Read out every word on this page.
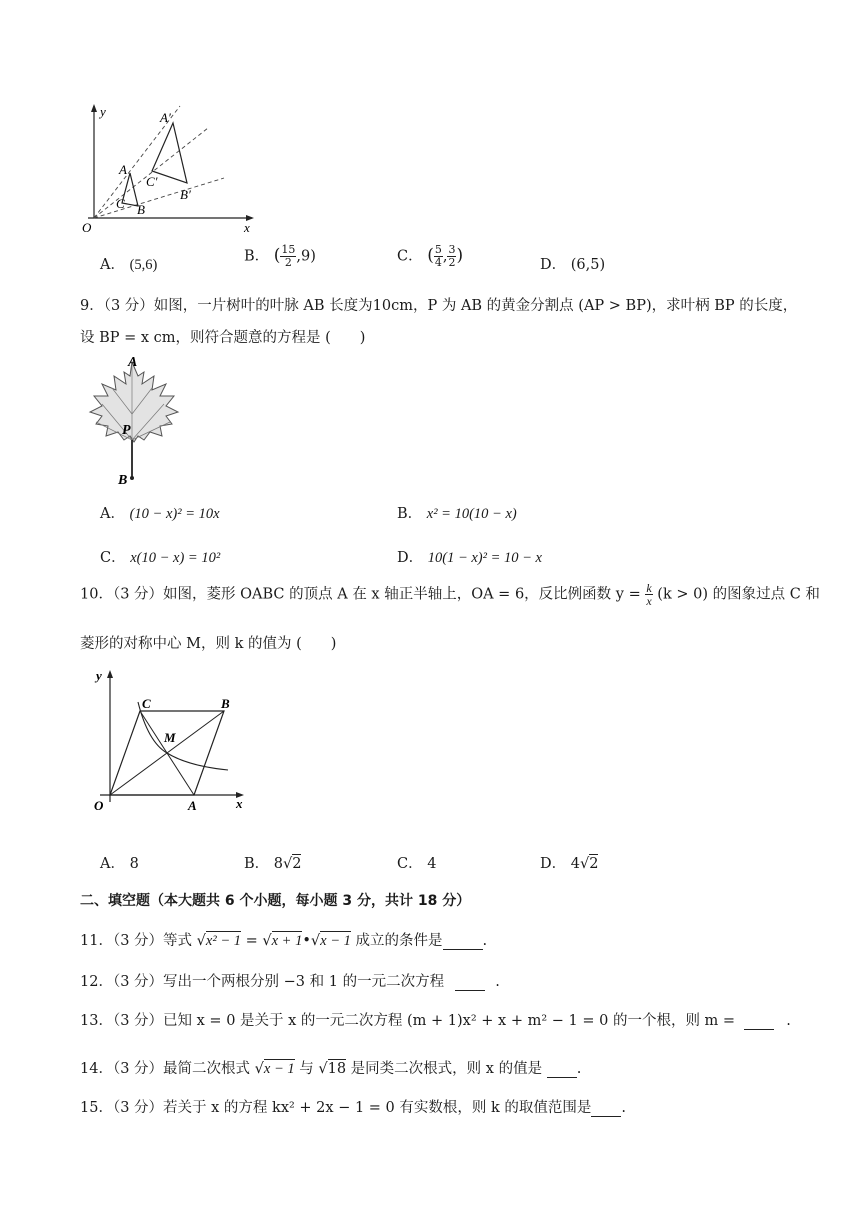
y
x
O
A
C B
A′
C′
B′
A． (5,6)
B． ( $\frac{15}{2} ,9$)	C． ( $\frac{5}{4}$ , $\frac{3}{2}$ )	D． (6,5)
9．（3 分）如图，一片树叶的叶脉 AB 长度为10cm，P 为 AB 的黄金分割点 (AP > BP)，求叶柄 BP 的长度，
设 BP = x cm，则符合题意的方程是 (　　)
A
P
B
A． (10 − x)² = 10x	B． x² = 10(10 − x)
C． x(10 − x) = 10²	D． 10(1 − x)² = 10 − x
10．（3 分）如图，菱形 OABC 的顶点 A 在 x 轴正半轴上，OA = 6，反比例函数 $y = \frac{k}{x} (k > 0)$ 的图象过点 C 和
菱形的对称中心 M，则 k 的值为 (　　)
y
x
O	A
B
C
M
A． 8	B． 8√2	C． 4	D． 4√2
二、填空题（本大题共 6 个小题，每小题 3 分，共计 18 分）
11．（3 分）等式 √x² − 1 = √x + 1•√x − 1 成立的条件是	.
12．（3 分）写出一个两根分别 −3 和 1 的一元二次方程	.
13．（3 分）已知 x = 0 是关于 x 的一元二次方程 (m + 1)x² + x + m² − 1 = 0 的一个根，则 m =	.
14．（3 分）最简二次根式 √x − 1 与 √18 是同类二次根式，则 x 的值是 .
15．（3 分）若关于 x 的方程 kx² + 2x − 1 = 0 有实数根，则 k 的取值范围是 .
